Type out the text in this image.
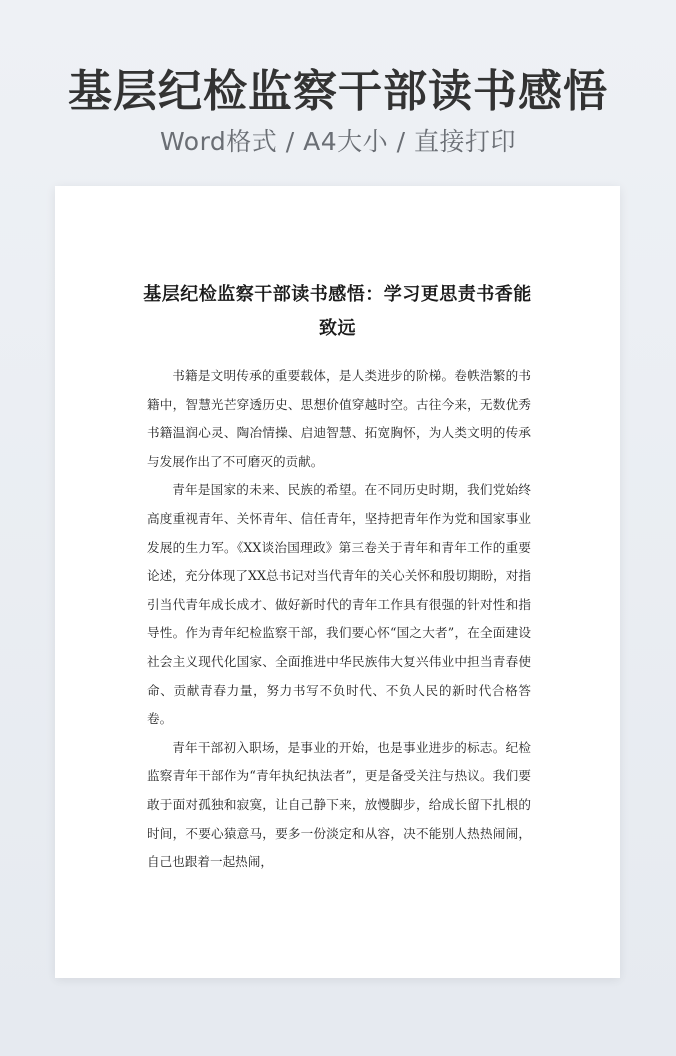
基层纪检监察干部读书感悟
Word格式 / A4大小 / 直接打印
基层纪检监察干部读书感悟：学习更思责书香能致远

书籍是文明传承的重要载体，是人类进步的阶梯。卷帙浩繁的书籍中，智慧光芒穿透历史、思想价值穿越时空。古往今来，无数优秀书籍温润心灵、陶冶情操、启迪智慧、拓宽胸怀，为人类文明的传承与发展作出了不可磨灭的贡献。

青年是国家的未来、民族的希望。在不同历史时期，我们党始终高度重视青年、关怀青年、信任青年，坚持把青年作为党和国家事业发展的生力军。《XX谈治国理政》第三卷关于青年和青年工作的重要论述，充分体现了XX总书记对当代青年的关心关怀和殷切期盼，对指引当代青年成长成才、做好新时代的青年工作具有很强的针对性和指导性。作为青年纪检监察干部，我们要心怀“国之大者”，在全面建设社会主义现代化国家、全面推进中华民族伟大复兴伟业中担当青春使命、贡献青春力量，努力书写不负时代、不负人民的新时代合格答卷。

青年干部初入职场，是事业的开始，也是事业进步的标志。纪检监察青年干部作为“青年执纪执法者”，更是备受关注与热议。我们要敢于面对孤独和寂寞，让自己静下来，放慢脚步，给成长留下扎根的时间，不要心猿意马，要多一份淡定和从容，决不能别人热热闹闹，自己也跟着一起热闹，
